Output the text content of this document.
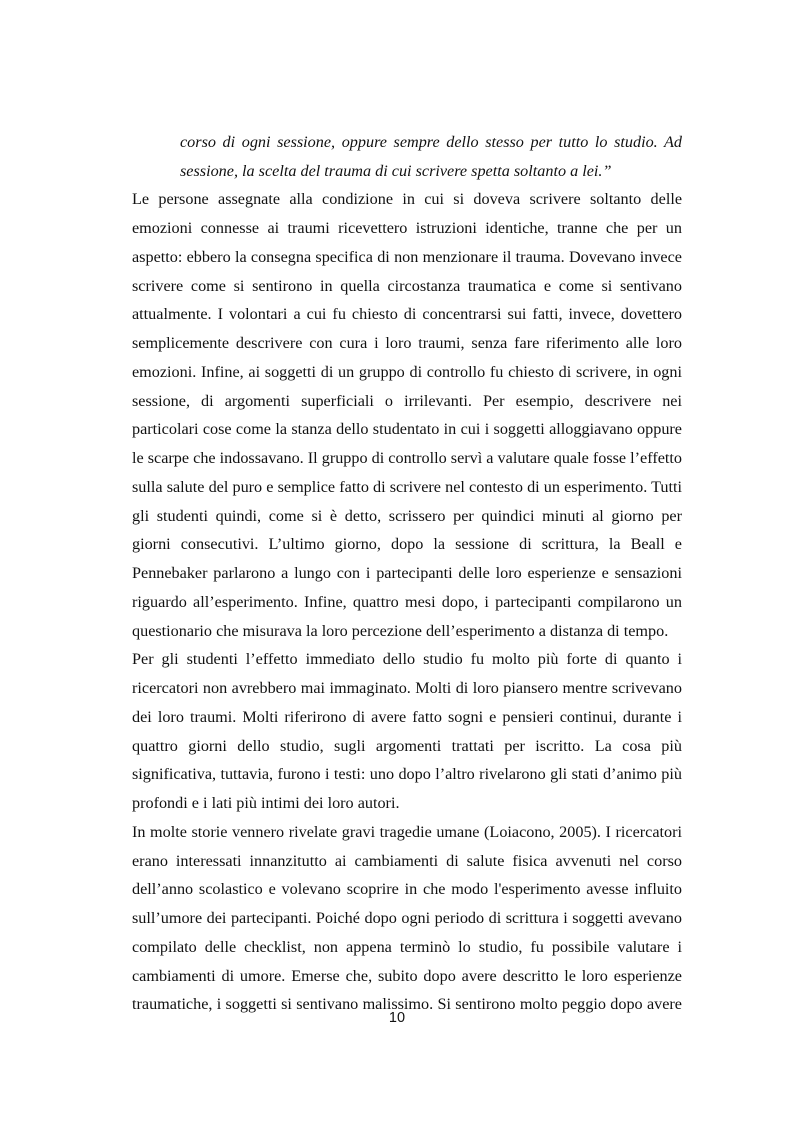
corso di ogni sessione, oppure sempre dello stesso per tutto lo studio. Ad
sessione, la scelta del trauma di cui scrivere spetta soltanto a lei.”
Le persone assegnate alla condizione in cui si doveva scrivere soltanto delle
emozioni connesse ai traumi ricevettero istruzioni identiche, tranne che per un
aspetto: ebbero la consegna specifica di non menzionare il trauma. Dovevano invece
scrivere come si sentirono in quella circostanza traumatica e come si sentivano
attualmente. I volontari a cui fu chiesto di concentrarsi sui fatti, invece, dovettero
semplicemente descrivere con cura i loro traumi, senza fare riferimento alle loro
emozioni. Infine, ai soggetti di un gruppo di controllo fu chiesto di scrivere, in ogni
sessione, di argomenti superficiali o irrilevanti. Per esempio, descrivere nei
particolari cose come la stanza dello studentato in cui i soggetti alloggiavano oppure
le scarpe che indossavano. Il gruppo di controllo servì a valutare quale fosse l’effetto
sulla salute del puro e semplice fatto di scrivere nel contesto di un esperimento. Tutti
gli studenti quindi, come si è detto, scrissero per quindici minuti al giorno per
giorni consecutivi. L’ultimo giorno, dopo la sessione di scrittura, la Beall e
Pennebaker parlarono a lungo con i partecipanti delle loro esperienze e sensazioni
riguardo all’esperimento. Infine, quattro mesi dopo, i partecipanti compilarono un
questionario che misurava la loro percezione dell’esperimento a distanza di tempo.
Per gli studenti l’effetto immediato dello studio fu molto più forte di quanto i
ricercatori non avrebbero mai immaginato. Molti di loro piansero mentre scrivevano
dei loro traumi. Molti riferirono di avere fatto sogni e pensieri continui, durante i
quattro giorni dello studio, sugli argomenti trattati per iscritto. La cosa più
significativa, tuttavia, furono i testi: uno dopo l’altro rivelarono gli stati d’animo più
profondi e i lati più intimi dei loro autori.
In molte storie vennero rivelate gravi tragedie umane (Loiacono, 2005). I ricercatori
erano interessati innanzitutto ai cambiamenti di salute fisica avvenuti nel corso
dell’anno scolastico e volevano scoprire in che modo l'esperimento avesse influito
sull’umore dei partecipanti. Poiché dopo ogni periodo di scrittura i soggetti avevano
compilato delle checklist, non appena terminò lo studio, fu possibile valutare i
cambiamenti di umore. Emerse che, subito dopo avere descritto le loro esperienze
traumatiche, i soggetti si sentivano malissimo. Si sentirono molto peggio dopo avere
10
